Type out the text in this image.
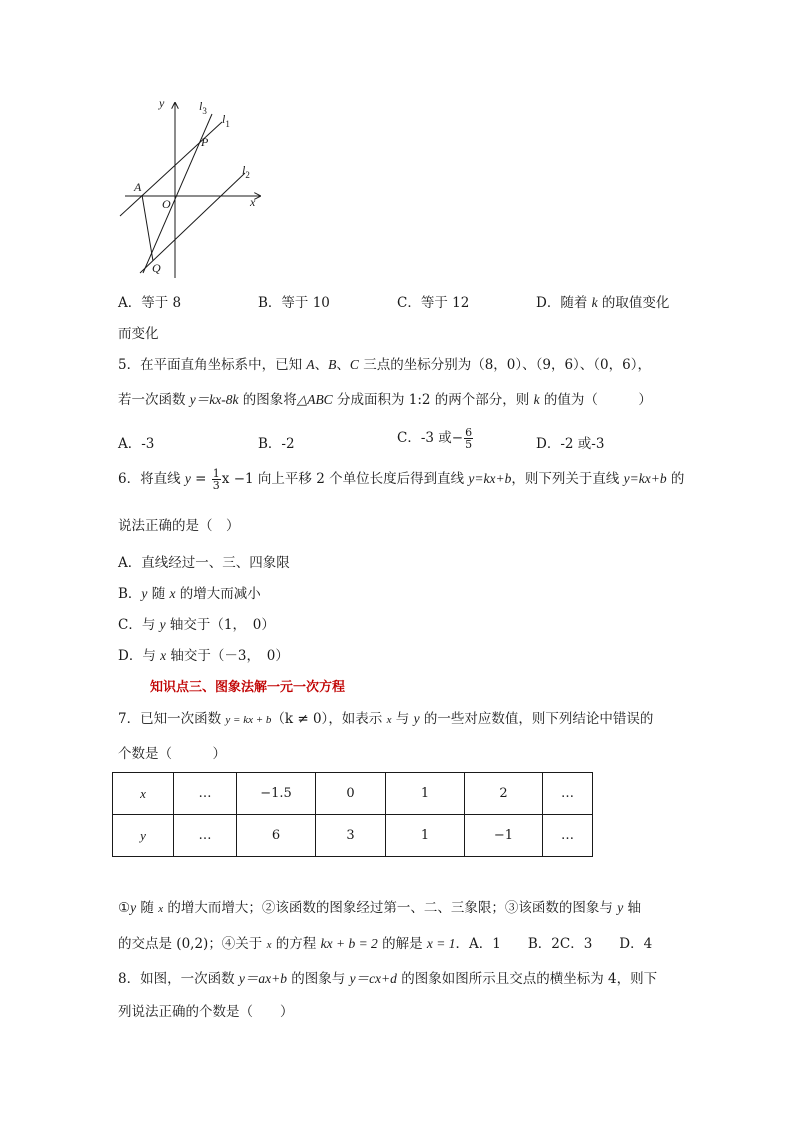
y
x
O
A
P
Q
$l_3$
$l_1$
$l_2$
A．等于 8	B．等于 10	C．等于 12	D．随着 k 的取值变化
而变化
5．在平面直角坐标系中，已知 A、B、C 三点的坐标分别为（8，0）、（9，6）、（0，6），
若一次函数 y＝kx-8k 的图象将△ABC 分成面积为 1:2 的两个部分，则 k 的值为（　　　）
A．-3	B．-2	C．-3 或− $\frac{6}{5}$	D．-2 或-3
6．将直线 $y = \frac{1}{3}$ x −1 向上平移 2 个单位长度后得到直线 y=kx+b，则下列关于直线 y=kx+b 的
说法正确的是（　）
A．直线经过一、三、四象限
B．y 随 x 的增大而减小
C．与 y 轴交于（1，　0）
D．与 x 轴交于（－3，　0）
知识点三、图象法解一元一次方程
7．已知一次函数 y = kx + b（k ≠ 0），如表示 x 与 y 的一些对应数值，则下列结论中错误的
个数是（　　　）
x	…	−1.5	0	1	2	…
y	…	6	3	1	−1	…
①y 随 x 的增大而增大；②该函数的图象经过第一、二、三象限；③该函数的图象与 y 轴
的交点是 (0,2)；④关于 x 的方程 kx + b = 2 的解是 x = 1．A．1　　B．2C．3　　D．4
8．如图，一次函数 y＝ax+b 的图象与 y＝cx+d 的图象如图所示且交点的横坐标为 4，则下
列说法正确的个数是（　　）
